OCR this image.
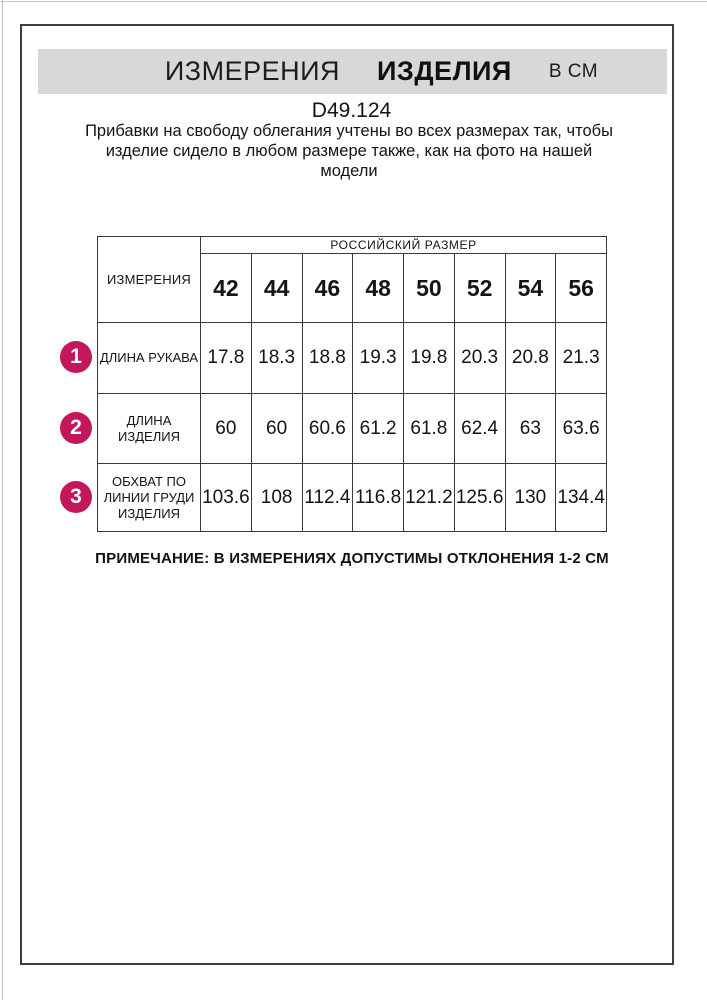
ИЗМЕРЕНИЯ ИЗДЕЛИЯ В СМ
D49.124
Прибавки на свободу облегания учтены во всех размерах так, чтобы
изделие сидело в любом размере также, как на фото на нашей
модели
ИЗМЕРЕНИЯ	РОССИЙСКИЙ РАЗМЕР							
	42	44	46	48	50	52	54	56

ДЛИНА РУКАВА	17.8	18.3	18.8	19.3	19.8	20.3	20.8	21.3

ДЛИНА
ИЗДЕЛИЯ	60	60	60.6	61.2	61.8	62.4	63	63.6

ОБХВАТ ПО
ЛИНИИ ГРУДИ
ИЗДЕЛИЯ	103.6	108	112.4	116.8	121.2	125.6	130	134.4
1
2
3
ПРИМЕЧАНИЕ: В ИЗМЕРЕНИЯХ ДОПУСТИМЫ ОТКЛОНЕНИЯ 1-2 СМ
